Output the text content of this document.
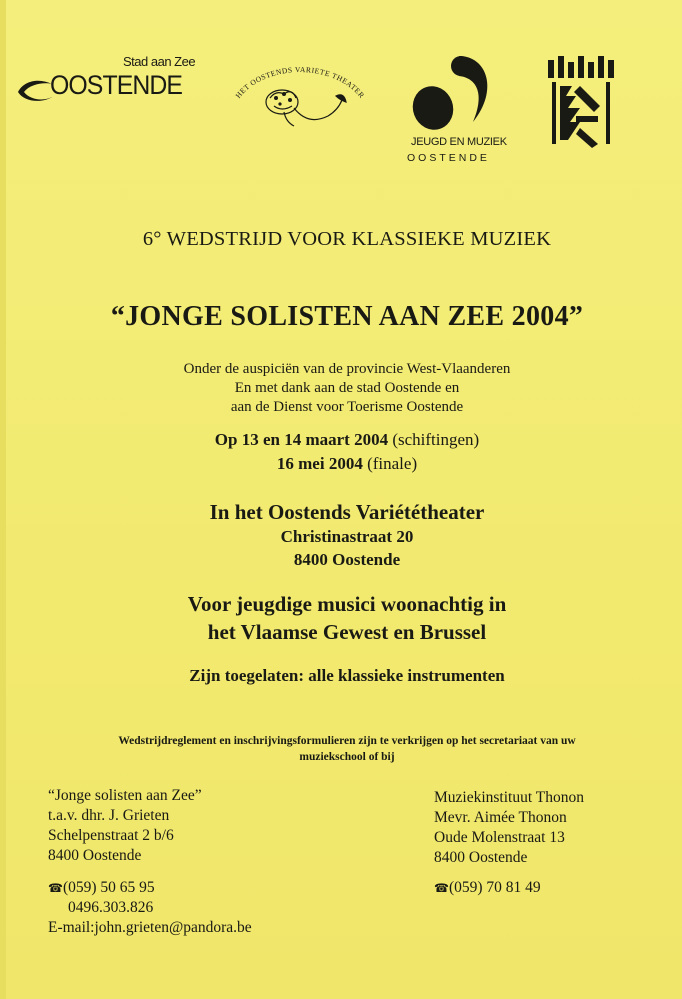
Stad aan Zee
OOSTENDE	HET OOSTENDS VARIETE THEATER
JEUGD EN MUZIEK
OOSTENDE
6° WEDSTRIJD VOOR KLASSIEKE MUZIEK
“JONGE SOLISTEN AAN ZEE 2004”
Onder de auspiciën van de provincie West-Vlaanderen
En met dank aan de stad Oostende en
aan de Dienst voor Toerisme Oostende
Op 13 en 14 maart 2004 (schiftingen)
16 mei 2004 (finale)
In het Oostends Variététheater
Christinastraat 20
8400 Oostende
Voor jeugdige musici woonachtig in
het Vlaamse Gewest en Brussel
Zijn toegelaten: alle klassieke instrumenten
Wedstrijdreglement en inschrijvingsformulieren zijn te verkrijgen op het secretariaat van uw
muziekschool of bij
“Jonge solisten aan Zee”
t.a.v. dhr. J. Grieten
Schelpenstraat 2 b/6
8400 Oostende
☎(059) 50 65 95
0496.303.826
E-mail:john.grieten@pandora.be
Muziekinstituut Thonon
Mevr. Aimée Thonon
Oude Molenstraat 13
8400 Oostende
☎(059) 70 81 49
